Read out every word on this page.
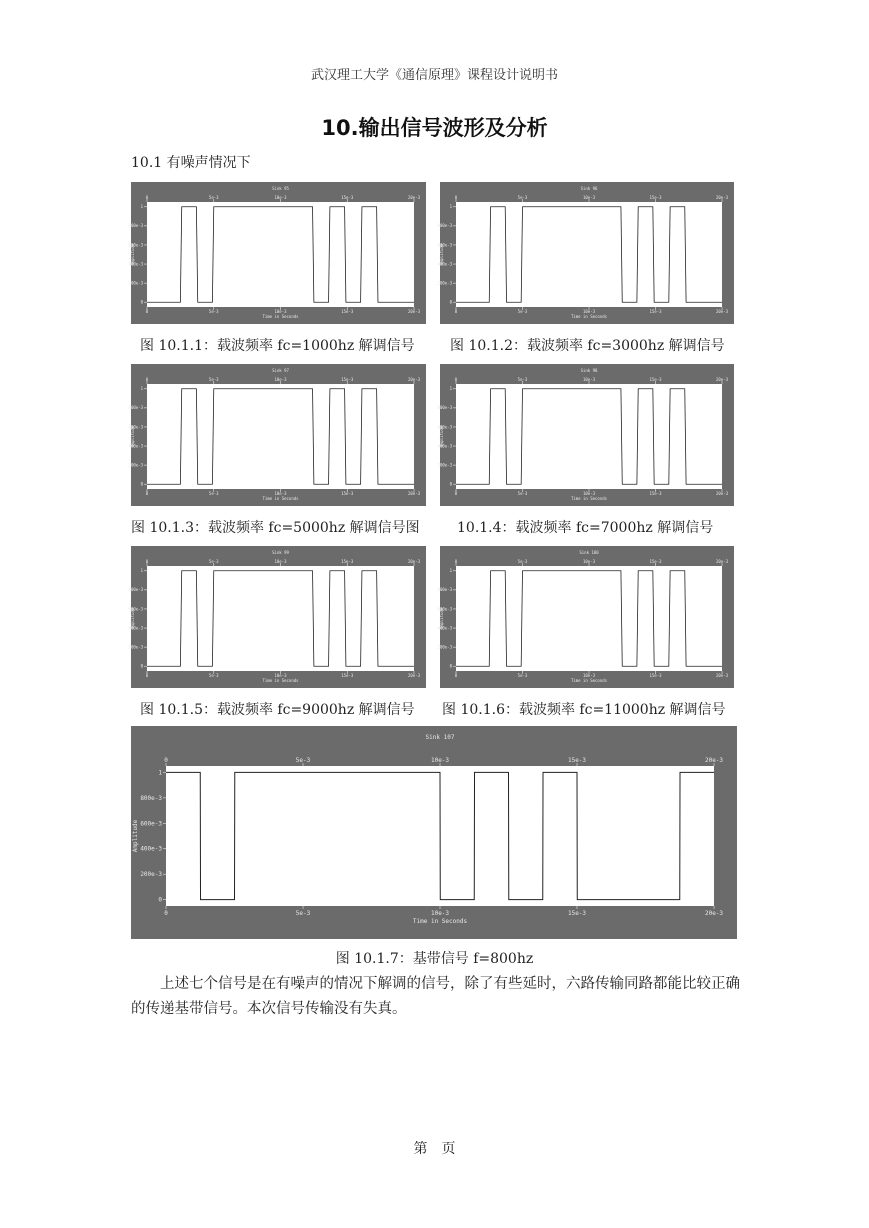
武汉理工大学《通信原理》课程设计说明书
10.输出信号波形及分析
10.1 有噪声情况下
Sink 95
0
0
5e-3
5e-3
10e-3
10e-3
15e-3
15e-3
20e-3
20e-3
Time in Seconds
0
200e-3
400e-3
600e-3
800e-3
1
Amplitude
Sink 96
0
0
5e-3
5e-3
10e-3
10e-3
15e-3
15e-3
20e-3
20e-3
Time in Seconds
0
200e-3
400e-3
600e-3
800e-3
1
Amplitude
Sink 97
0
0
5e-3
5e-3
10e-3
10e-3
15e-3
15e-3
20e-3
20e-3
Time in Seconds
0
200e-3
400e-3
600e-3
800e-3
1
Amplitude
Sink 98
0
0
5e-3
5e-3
10e-3
10e-3
15e-3
15e-3
20e-3
20e-3
Time in Seconds
0
200e-3
400e-3
600e-3
800e-3
1
Amplitude
Sink 99
0
0
5e-3
5e-3
10e-3
10e-3
15e-3
15e-3
20e-3
20e-3
Time in Seconds
0
200e-3
400e-3
600e-3
800e-3
1
Amplitude
Sink 100
0
0
5e-3
5e-3
10e-3
10e-3
15e-3
15e-3
20e-3
20e-3
Time in Seconds
0
200e-3
400e-3
600e-3
800e-3
1
Amplitude
Sink 107
0
0
5e-3
5e-3
10e-3
10e-3
15e-3
15e-3
20e-3
20e-3
Time in Seconds
0
200e-3
400e-3
600e-3
800e-3
1
Amplitude
图 10.1.1：载波频率 fc=1000hz 解调信号	图 10.1.2：载波频率 fc=3000hz 解调信号
图 10.1.3：载波频率 fc=5000hz 解调信号图	10.1.4：载波频率 fc=7000hz 解调信号
图 10.1.5：载波频率 fc=9000hz 解调信号 图 10.1.6：载波频率 fc=11000hz 解调信号
图 10.1.7：基带信号 f=800hz

上述七个信号是在有噪声的情况下解调的信号，除了有些延时，六路传输同路都能比较正确的传递基带信号。本次信号传输没有失真。

第　页
